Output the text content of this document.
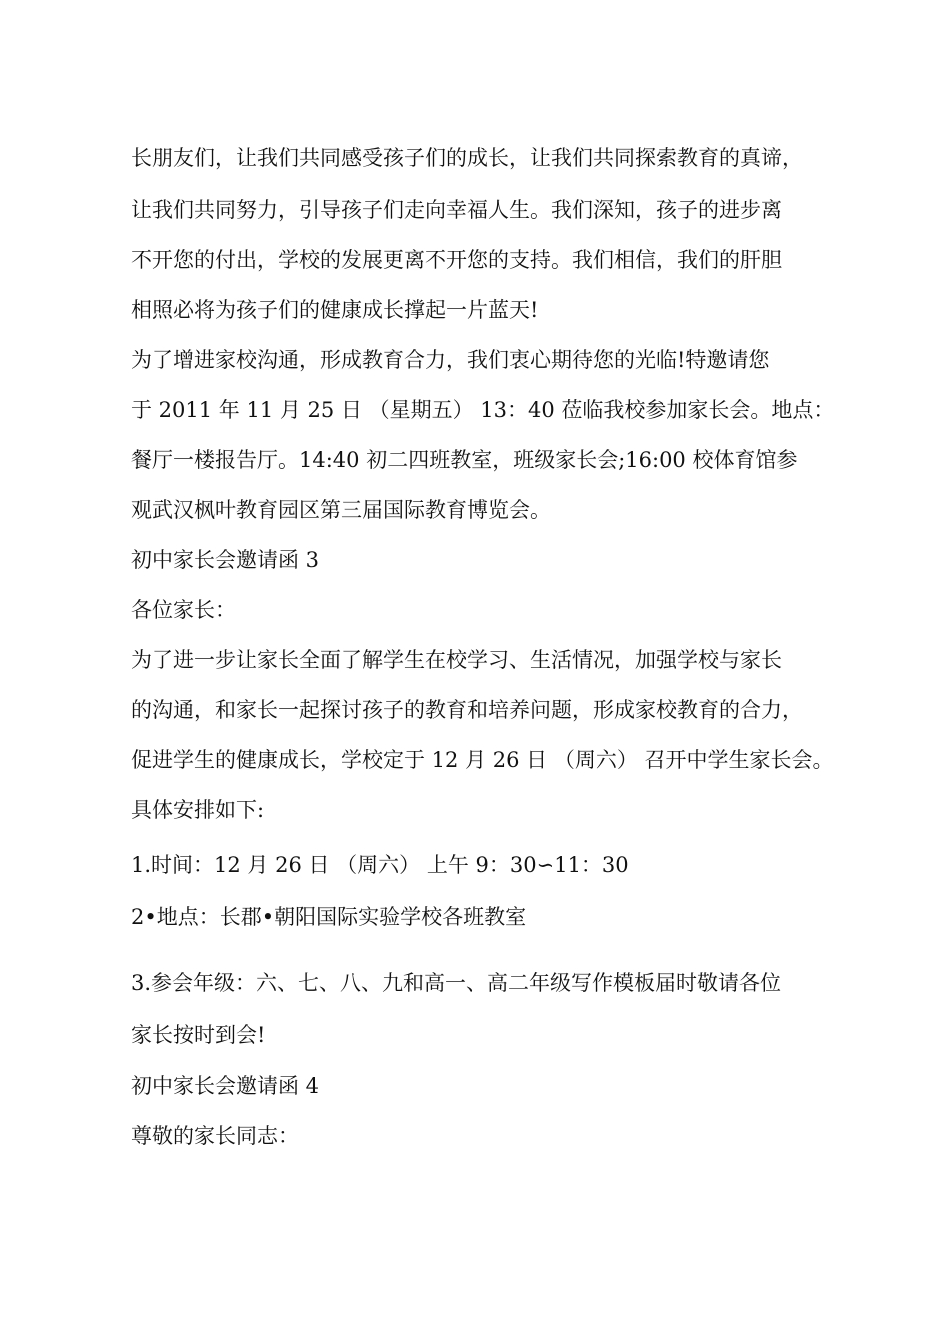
长朋友们，让我们共同感受孩子们的成长，让我们共同探索教育的真谛，

让我们共同努力，引导孩子们走向幸福人生。我们深知，孩子的进步离

不开您的付出，学校的发展更离不开您的支持。我们相信，我们的肝胆

相照必将为孩子们的健康成长撑起一片蓝天!

为了增进家校沟通，形成教育合力，我们衷心期待您的光临!特邀请您

于 2011 年 11 月 25 日 （星期五） 13：40 莅临我校参加家长会。地点：

餐厅一楼报告厅。14:40 初二四班教室，班级家长会;16:00 校体育馆参

观武汉枫叶教育园区第三届国际教育博览会。

初中家长会邀请函 3

各位家长：

为了进一步让家长全面了解学生在校学习、生活情况，加强学校与家长

的沟通，和家长一起探讨孩子的教育和培养问题，形成家校教育的合力，

促进学生的健康成长，学校定于 12 月 26 日 （周六） 召开中学生家长会。

具体安排如下:

1.时间：12 月 26 日 （周六） 上午 9：30∽11：30

2•地点：长郡•朝阳国际实验学校各班教室

3.参会年级：六、七、八、九和高一、高二年级写作模板届时敬请各位

家长按时到会!

初中家长会邀请函 4

尊敬的家长同志：
